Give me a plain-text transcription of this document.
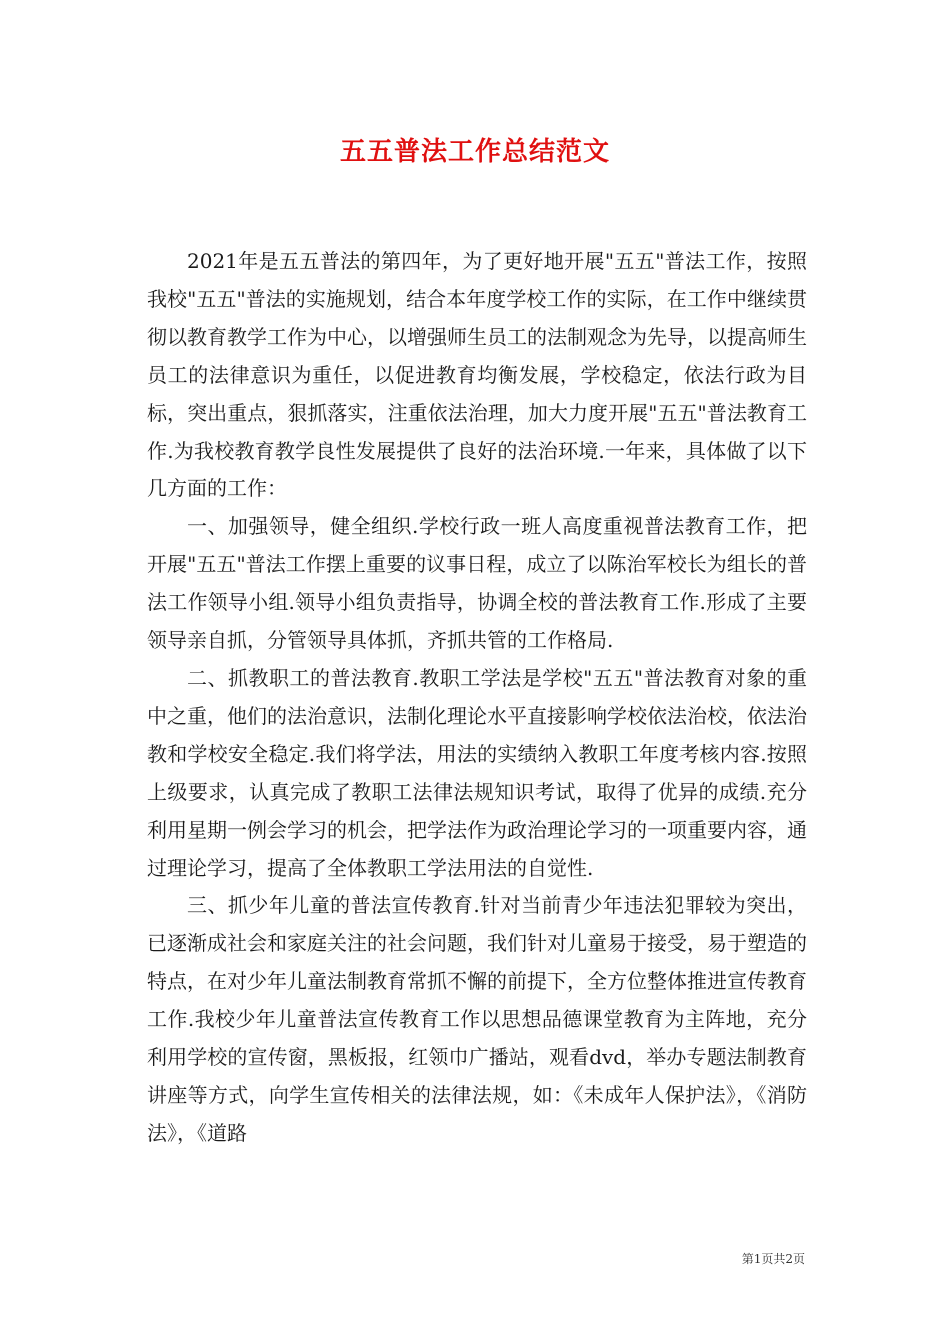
五五普法工作总结范文

2021年是五五普法的第四年，为了更好地开展"五五"普法工作，按照我校"五五"普法的实施规划，结合本年度学校工作的实际，在工作中继续贯彻以教育教学工作为中心，以增强师生员工的法制观念为先导，以提高师生员工的法律意识为重任，以促进教育均衡发展，学校稳定，依法行政为目标，突出重点，狠抓落实，注重依法治理，加大力度开展"五五"普法教育工作.为我校教育教学良性发展提供了良好的法治环境.一年来，具体做了以下几方面的工作：

一、加强领导，健全组织.学校行政一班人高度重视普法教育工作，把开展"五五"普法工作摆上重要的议事日程，成立了以陈治军校长为组长的普法工作领导小组.领导小组负责指导，协调全校的普法教育工作.形成了主要领导亲自抓，分管领导具体抓，齐抓共管的工作格局.

二、抓教职工的普法教育.教职工学法是学校"五五"普法教育对象的重中之重，他们的法治意识，法制化理论水平直接影响学校依法治校，依法治教和学校安全稳定.我们将学法，用法的实绩纳入教职工年度考核内容.按照上级要求，认真完成了教职工法律法规知识考试，取得了优异的成绩.充分利用星期一例会学习的机会，把学法作为政治理论学习的一项重要内容，通过理论学习，提高了全体教职工学法用法的自觉性.

三、抓少年儿童的普法宣传教育.针对当前青少年违法犯罪较为突出，已逐渐成社会和家庭关注的社会问题，我们针对儿童易于接受，易于塑造的特点，在对少年儿童法制教育常抓不懈的前提下，全方位整体推进宣传教育工作.我校少年儿童普法宣传教育工作以思想品德课堂教育为主阵地，充分利用学校的宣传窗，黑板报，红领巾广播站，观看dvd，举办专题法制教育讲座等方式，向学生宣传相关的法律法规，如：《未成年人保护法》，《消防法》，《道路

第1页共2页
